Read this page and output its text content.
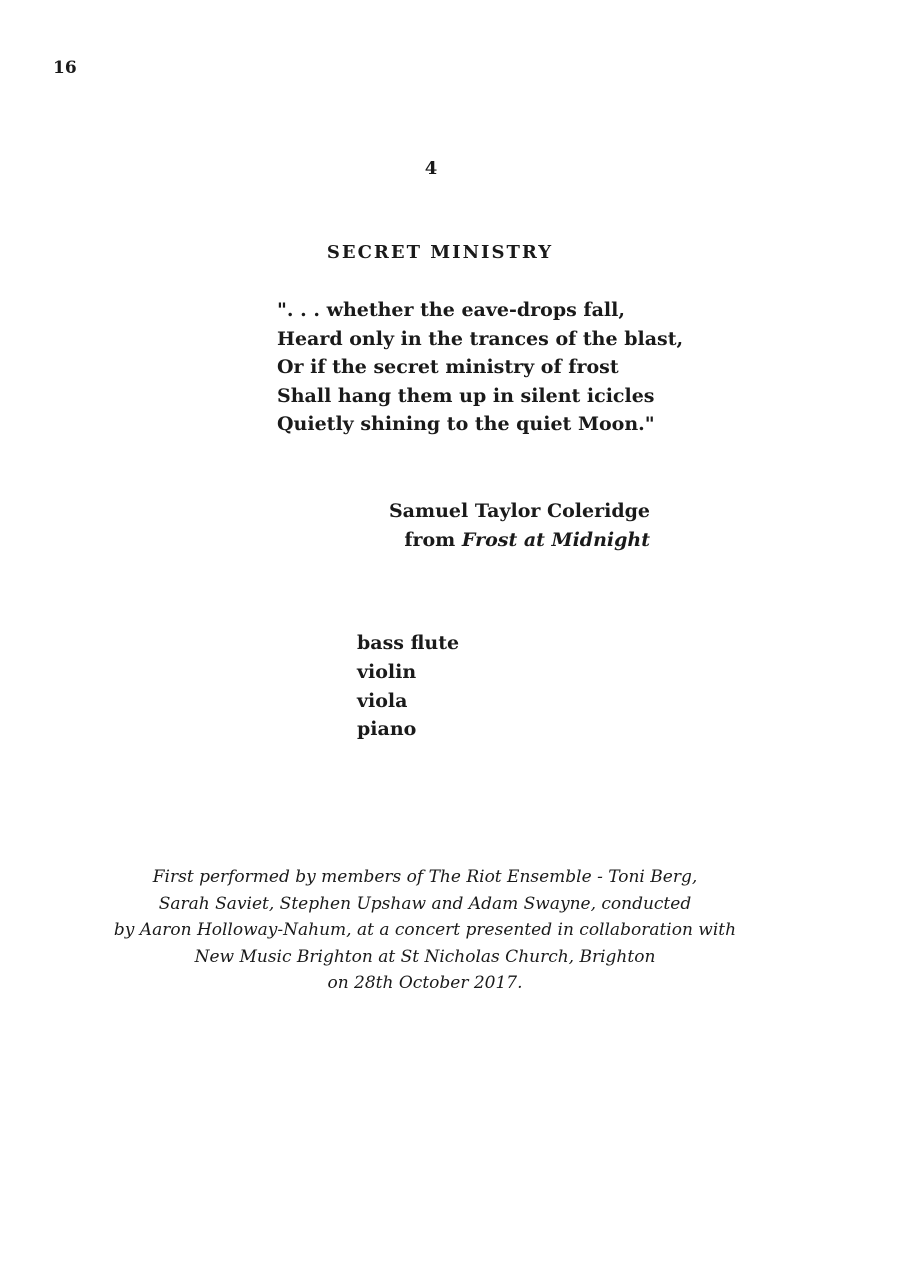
16
4
SECRET MINISTRY
". . . whether the eave-drops fall,
Heard only in the trances of the blast,
Or if the secret ministry of frost
Shall hang them up in silent icicles
Quietly shining to the quiet Moon."
Samuel Taylor Coleridge
from Frost at Midnight
bass flute
violin
viola
piano
First performed by members of The Riot Ensemble - Toni Berg,
Sarah Saviet, Stephen Upshaw and Adam Swayne, conducted
by Aaron Holloway-Nahum, at a concert presented in collaboration with
New Music Brighton at St Nicholas Church, Brighton
on 28th October 2017.
